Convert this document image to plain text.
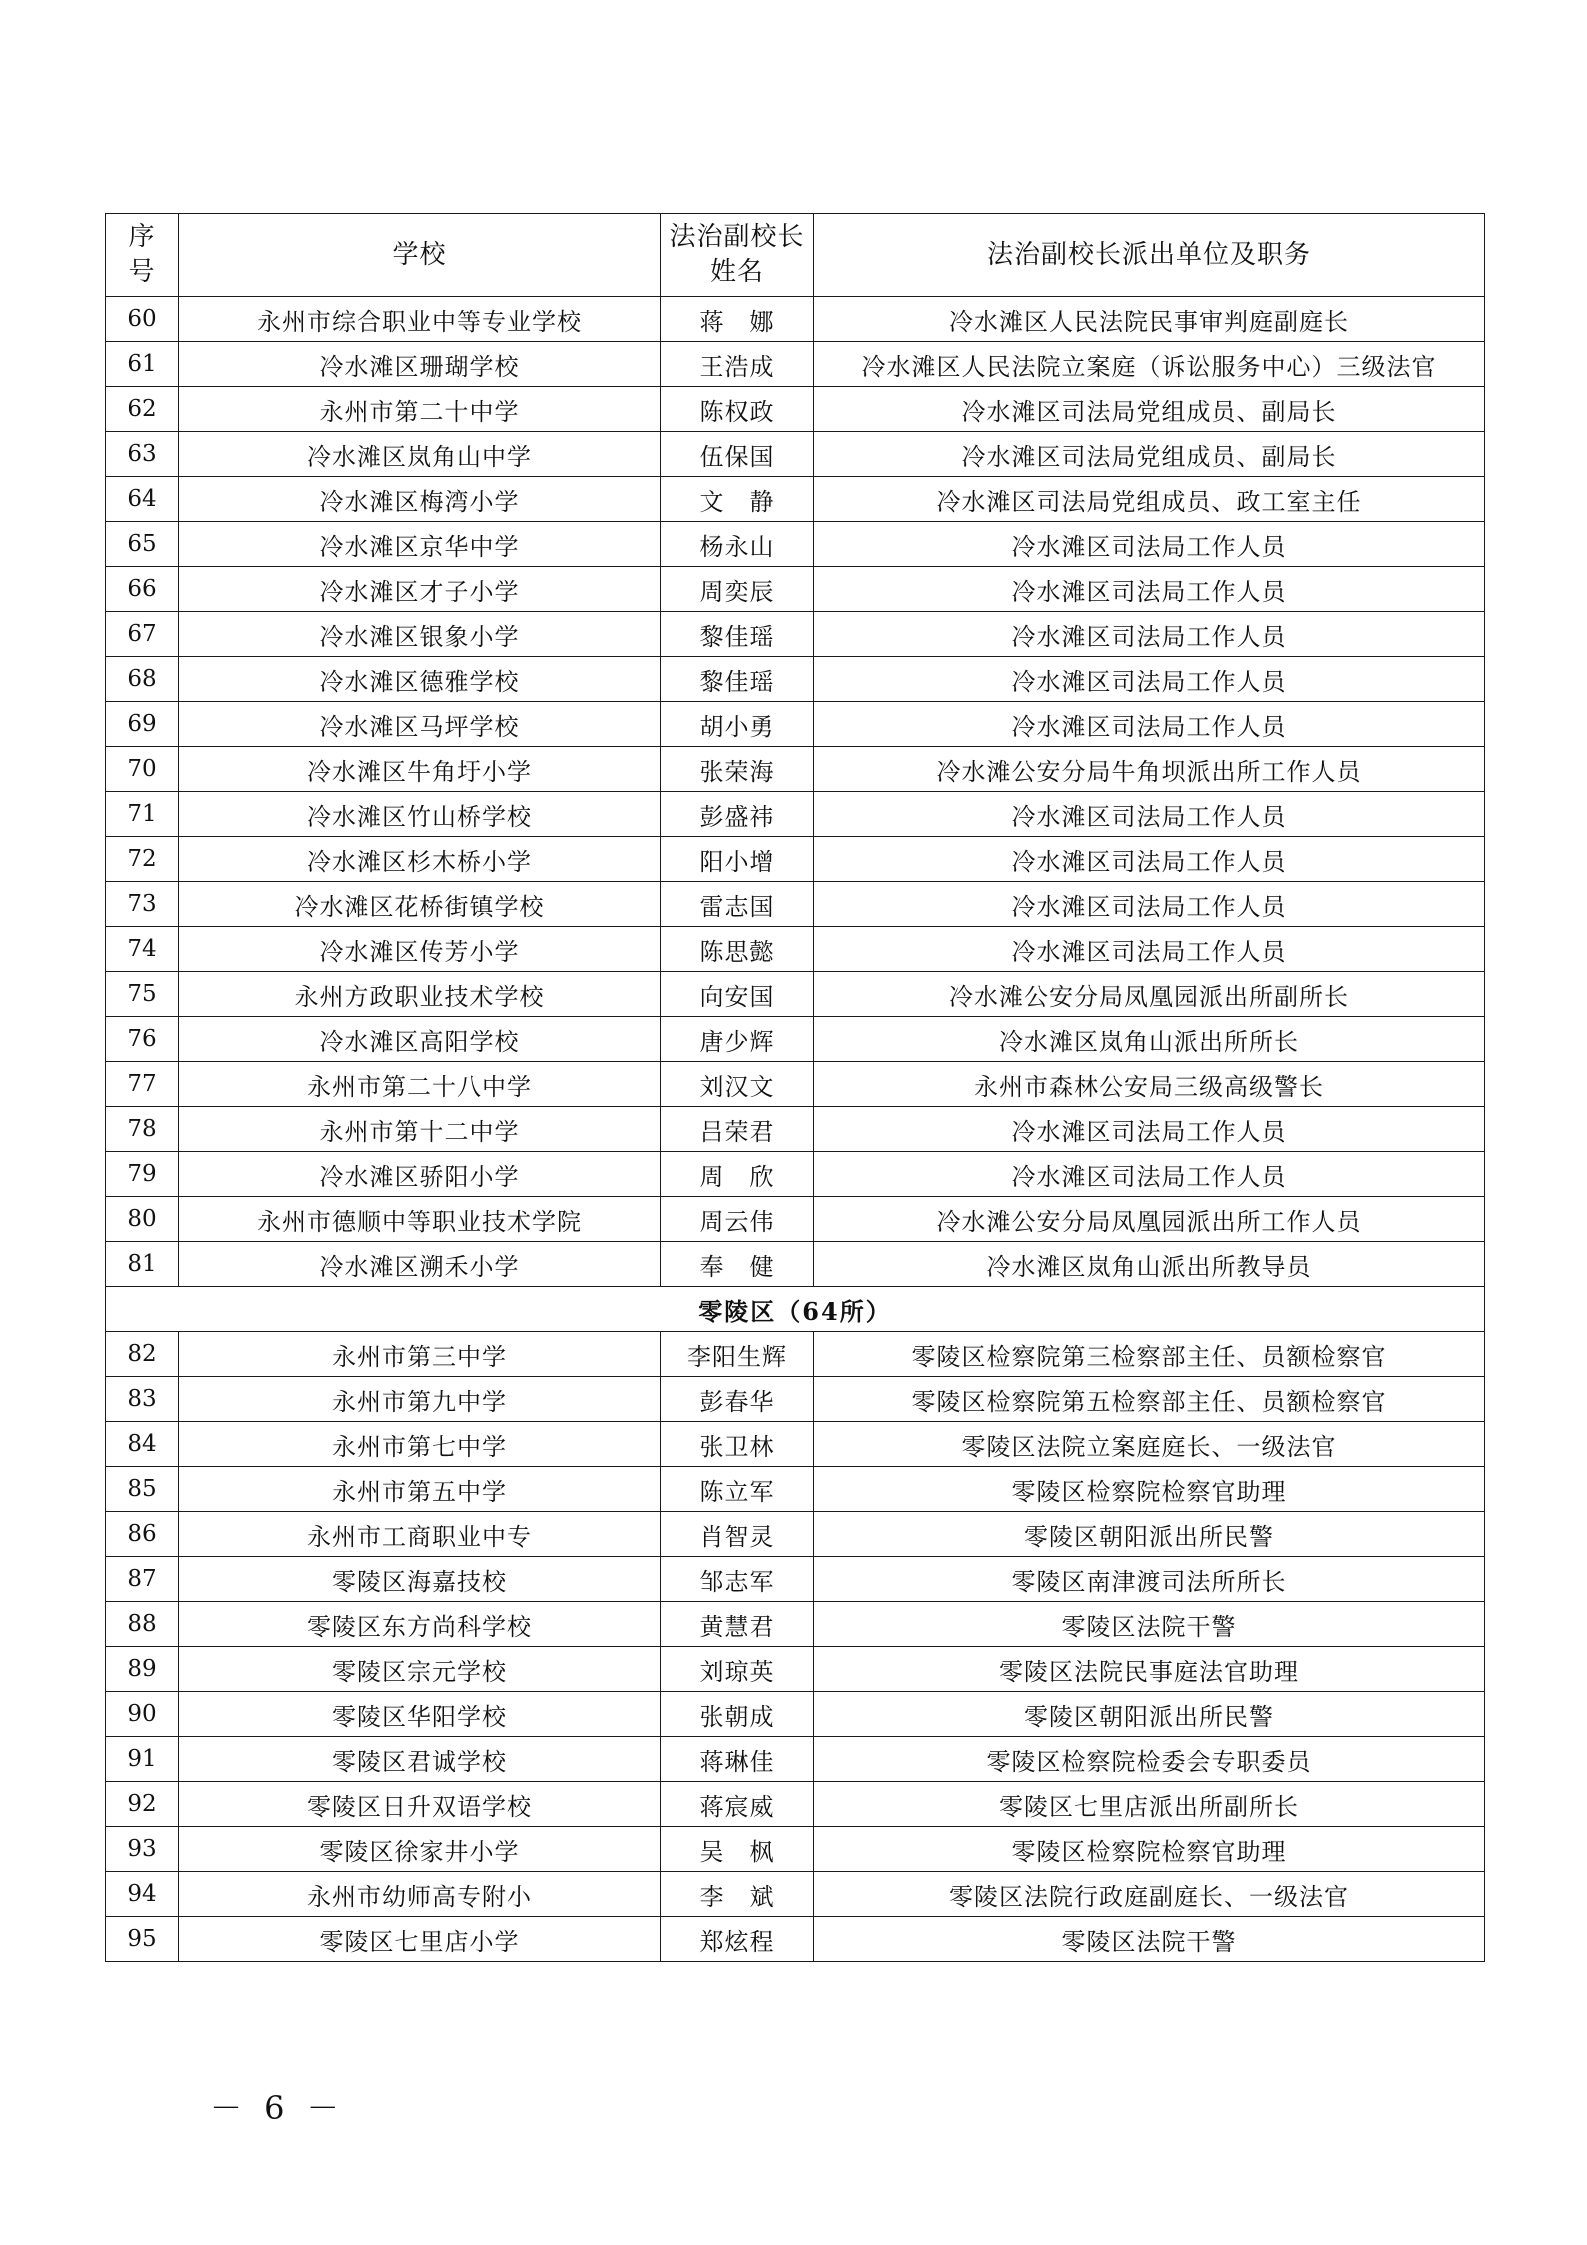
序号	学校	法治副校长姓名	法治副校长派出单位及职务
60	永州市综合职业中等专业学校	蒋　娜	冷水滩区人民法院民事审判庭副庭长
61	冷水滩区珊瑚学校	王浩成	冷水滩区人民法院立案庭（诉讼服务中心）三级法官
62	永州市第二十中学	陈权政	冷水滩区司法局党组成员、副局长
63	冷水滩区岚角山中学	伍保国	冷水滩区司法局党组成员、副局长
64	冷水滩区梅湾小学	文　静	冷水滩区司法局党组成员、政工室主任
65	冷水滩区京华中学	杨永山	冷水滩区司法局工作人员
66	冷水滩区才子小学	周奕辰	冷水滩区司法局工作人员
67	冷水滩区银象小学	黎佳瑶	冷水滩区司法局工作人员
68	冷水滩区德雅学校	黎佳瑶	冷水滩区司法局工作人员
69	冷水滩区马坪学校	胡小勇	冷水滩区司法局工作人员
70	冷水滩区牛角圩小学	张荣海	冷水滩公安分局牛角坝派出所工作人员
71	冷水滩区竹山桥学校	彭盛祎	冷水滩区司法局工作人员
72	冷水滩区杉木桥小学	阳小增	冷水滩区司法局工作人员
73	冷水滩区花桥街镇学校	雷志国	冷水滩区司法局工作人员
74	冷水滩区传芳小学	陈思懿	冷水滩区司法局工作人员
75	永州方政职业技术学校	向安国	冷水滩公安分局凤凰园派出所副所长
76	冷水滩区高阳学校	唐少辉	冷水滩区岚角山派出所所长
77	永州市第二十八中学	刘汉文	永州市森林公安局三级高级警长
78	永州市第十二中学	吕荣君	冷水滩区司法局工作人员
79	冷水滩区骄阳小学	周　欣	冷水滩区司法局工作人员
80	永州市德顺中等职业技术学院	周云伟	冷水滩公安分局凤凰园派出所工作人员
81	冷水滩区溯禾小学	奉　健	冷水滩区岚角山派出所教导员
零陵区（64所）			
82	永州市第三中学	李阳生辉	零陵区检察院第三检察部主任、员额检察官
83	永州市第九中学	彭春华	零陵区检察院第五检察部主任、员额检察官
84	永州市第七中学	张卫林	零陵区法院立案庭庭长、一级法官
85	永州市第五中学	陈立军	零陵区检察院检察官助理
86	永州市工商职业中专	肖智灵	零陵区朝阳派出所民警
87	零陵区海嘉技校	邹志军	零陵区南津渡司法所所长
88	零陵区东方尚科学校	黄慧君	零陵区法院干警
89	零陵区宗元学校	刘琼英	零陵区法院民事庭法官助理
90	零陵区华阳学校	张朝成	零陵区朝阳派出所民警
91	零陵区君诚学校	蒋琳佳	零陵区检察院检委会专职委员
92	零陵区日升双语学校	蒋宸威	零陵区七里店派出所副所长
93	零陵区徐家井小学	吴　枫	零陵区检察院检察官助理
94	永州市幼师高专附小	李　斌	零陵区法院行政庭副庭长、一级法官
95	零陵区七里店小学	郑炫程	零陵区法院干警
－ 6 －
